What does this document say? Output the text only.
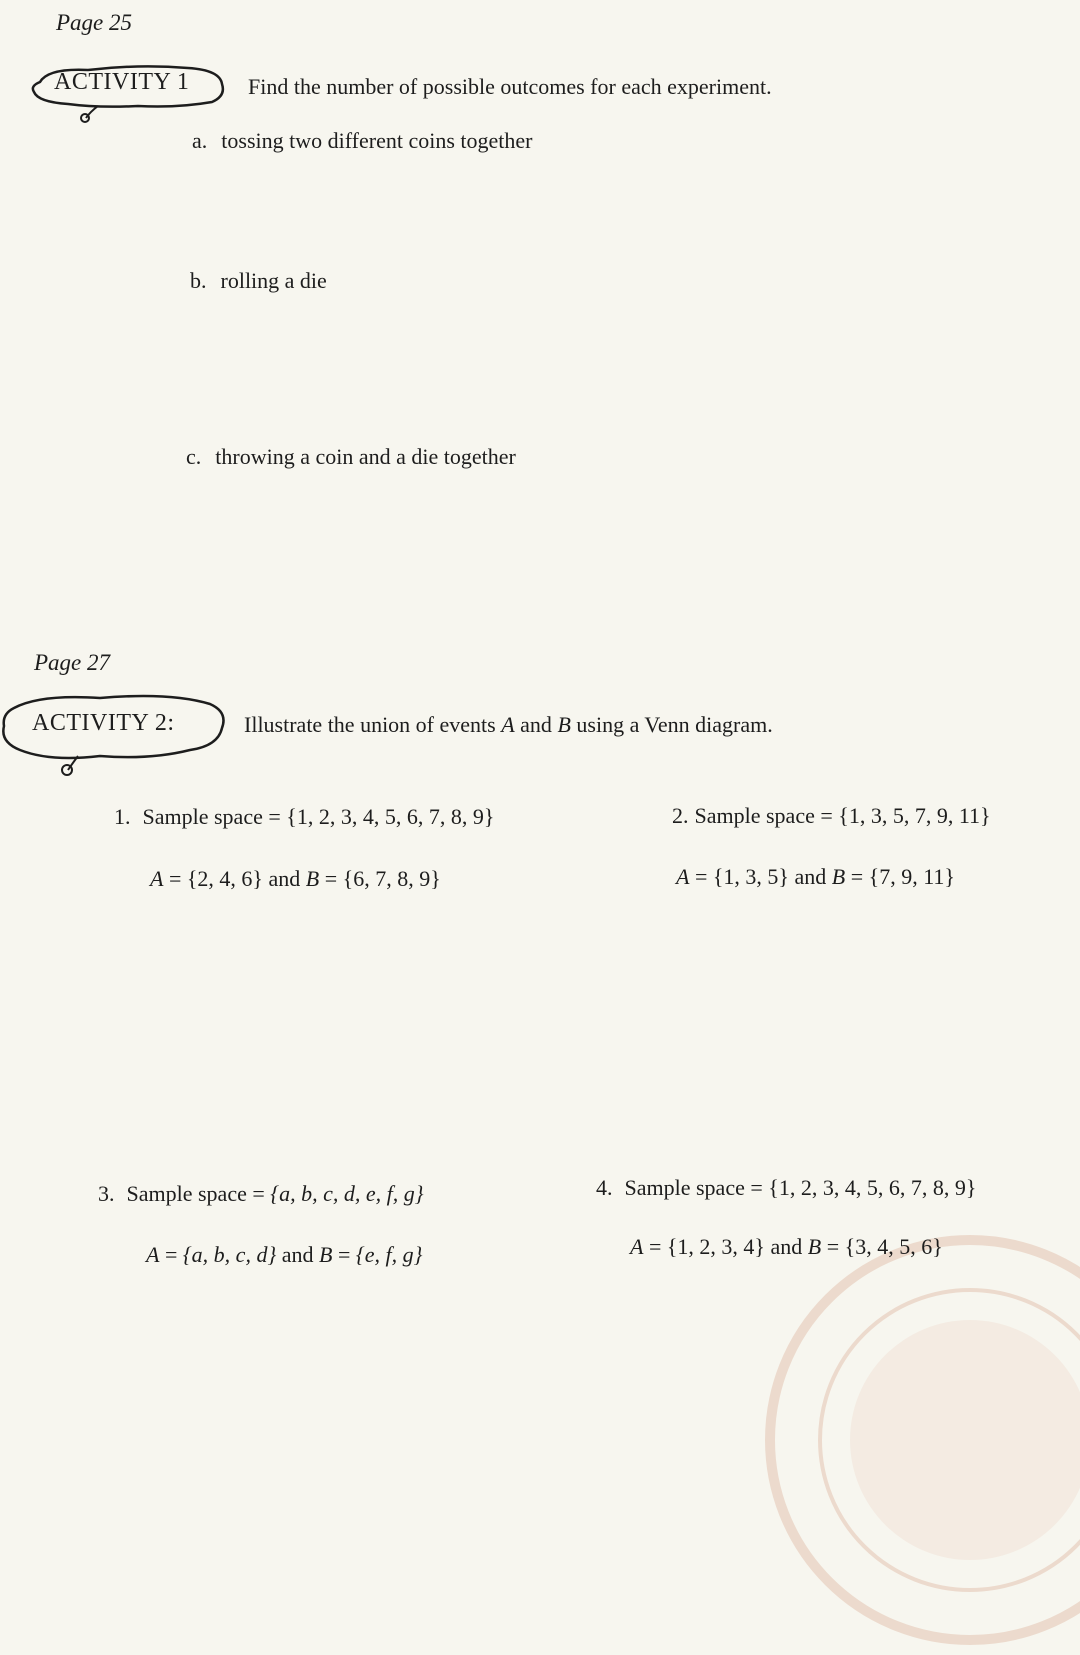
Page 25
ACTIVITY 1	Find the number of possible outcomes for each experiment.
a. tossing two different coins together
b. rolling a die
c. throwing a coin and a die together
Page 27
ACTIVITY 2:	Illustrate the union of events A and B using a Venn diagram.
1. Sample space = {1, 2, 3, 4, 5, 6, 7, 8, 9}
A = {2, 4, 6} and B = {6, 7, 8, 9}
2. Sample space = {1, 3, 5, 7, 9, 11}
A = {1, 3, 5} and B = {7, 9, 11}
3. Sample space = {a, b, c, d, e, f, g}
A = {a, b, c, d} and B = {e, f, g}
4. Sample space = {1, 2, 3, 4, 5, 6, 7, 8, 9}
A = {1, 2, 3, 4} and B = {3, 4, 5, 6}
